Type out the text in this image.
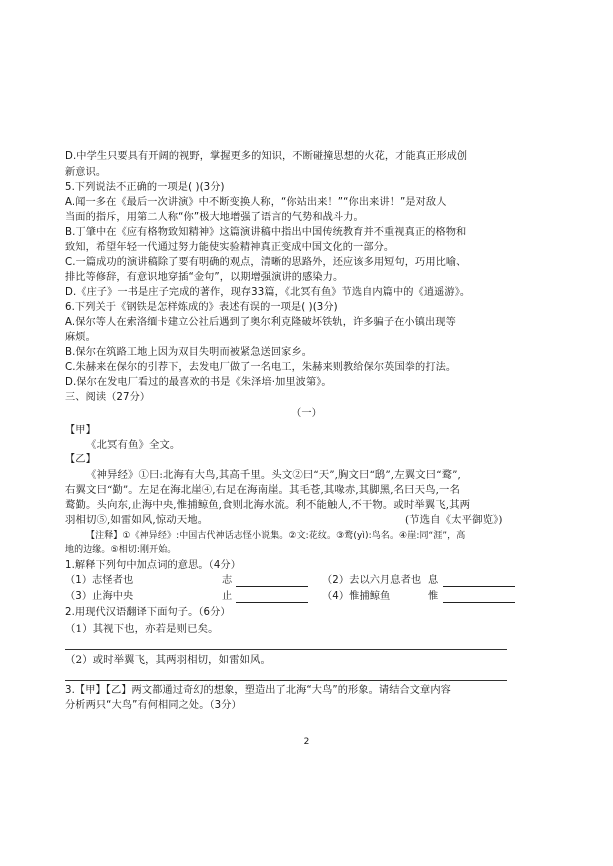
D.中学生只要具有开阔的视野，掌握更多的知识，不断碰撞思想的火花，才能真正形成创
新意识。
5.下列说法不正确的一项是( )(3分)
A.闻一多在《最后一次讲演》中不断变换人称，“你站出来！”“你出来讲！”是对敌人
当面的指斥，用第二人称“你”极大地增强了语言的气势和战斗力。
B.丁肇中在《应有格物致知精神》这篇演讲稿中指出中国传统教育并不重视真正的格物和
致知，希望年轻一代通过努力能使实验精神真正变成中国文化的一部分。
C.一篇成功的演讲稿除了要有明确的观点，清晰的思路外，还应该多用短句，巧用比喻、
排比等修辞，有意识地穿插“金句”，以期增强演讲的感染力。
D.《庄子》一书是庄子完成的著作，现存33篇，《北冥有鱼》节选自内篇中的《逍遥游》。
6.下列关于《钢铁是怎样炼成的》表述有误的一项是( )(3分)
A.保尔等人在索洛缅卡建立公社后遇到了奥尔利克隆破坏铁轨，许多骗子在小镇出现等
麻烦。
B.保尔在筑路工地上因为双目失明而被紧急送回家乡。
C.朱赫来在保尔的引荐下，去发电厂做了一名电工，朱赫来则教给保尔英国拳的打法。
D.保尔在发电厂看过的最喜欢的书是《朱泽培·加里波第》。
三、阅读（27分）
（一）
【甲】
《北冥有鱼》全文。
【乙】
《神异经》①曰:北海有大鸟,其高千里。头文②曰“天”,胸文曰“鸱”,左翼文曰“鹜”,
右翼文曰“勤”。左足在海北崖④,右足在海南崖。其毛苍,其喙赤,其脚黑,名曰天鸟,一名
鹜勤。头向东,止海中央,惟捕鲸鱼,食则北海水流。利不能触人,不干物。或时举翼飞,其两
羽相切⑤,如雷如风,惊动天地。	(节选自《太平御览》)
【注释】①《神异经》:中国古代神话志怪小说集。②文:花纹。③鹜(yì):鸟名。④崖:同“涯”，高
地的边缘。⑤相切:刚开始。
1.解释下列句中加点词的意思。（4分）
（1）志怪者也	志	（2）去以六月息者也 息
（3）止海中央	止	（4）惟捕鲸鱼	惟
2.用现代汉语翻译下面句子。（6分）
（1）其视下也，亦若是则已矣。
（2）或时举翼飞，其两羽相切，如雷如风。
3.【甲】【乙】两文都通过奇幻的想象，塑造出了北海“大鸟”的形象。请结合文章内容
分析两只“大鸟”有何相同之处。（3分）
2
